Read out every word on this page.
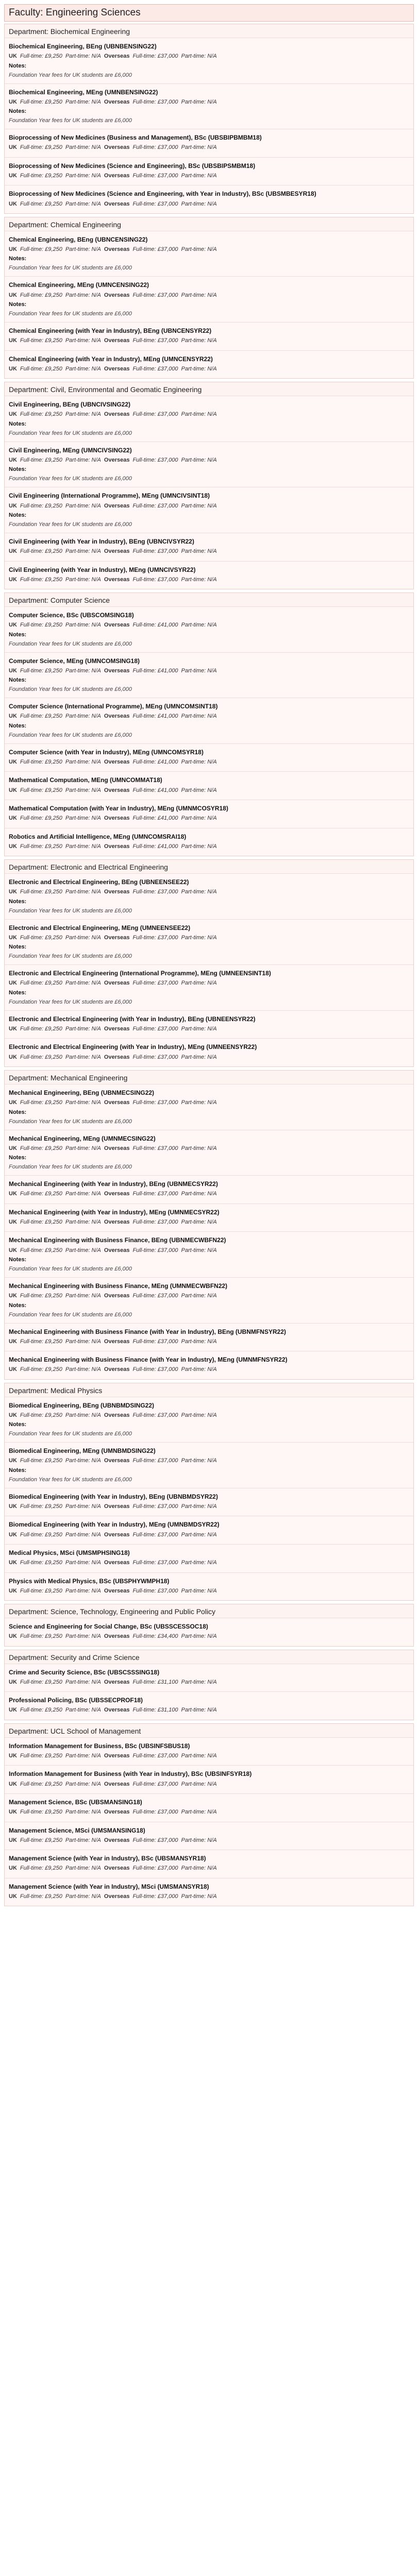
Faculty: Engineering Sciences
Department: Biochemical Engineering
Biochemical Engineering, BEng (UBNBENSING22)
UK Full-time: £9,250 Part-time: N/A Overseas Full-time: £37,000 Part-time: N/A
Notes:
Foundation Year fees for UK students are £6,000
Biochemical Engineering, MEng (UMNBENSING22)
UK Full-time: £9,250 Part-time: N/A Overseas Full-time: £37,000 Part-time: N/A
Notes:
Foundation Year fees for UK students are £6,000
Bioprocessing of New Medicines (Business and Management), BSc (UBSBIPBMBM18)
UK Full-time: £9,250 Part-time: N/A Overseas Full-time: £37,000 Part-time: N/A
Bioprocessing of New Medicines (Science and Engineering), BSc (UBSBIPSMBM18)
UK Full-time: £9,250 Part-time: N/A Overseas Full-time: £37,000 Part-time: N/A
Bioprocessing of New Medicines (Science and Engineering, with Year in Industry), BSc (UBSMBESYR18)
UK Full-time: £9,250 Part-time: N/A Overseas Full-time: £37,000 Part-time: N/A
Department: Chemical Engineering
Chemical Engineering, BEng (UBNCENSING22)
UK Full-time: £9,250 Part-time: N/A Overseas Full-time: £37,000 Part-time: N/A
Notes:
Foundation Year fees for UK students are £6,000
Chemical Engineering, MEng (UMNCENSING22)
UK Full-time: £9,250 Part-time: N/A Overseas Full-time: £37,000 Part-time: N/A
Notes:
Foundation Year fees for UK students are £6,000
Chemical Engineering (with Year in Industry), BEng (UBNCENSYR22)
UK Full-time: £9,250 Part-time: N/A Overseas Full-time: £37,000 Part-time: N/A
Chemical Engineering (with Year in Industry), MEng (UMNCENSYR22)
UK Full-time: £9,250 Part-time: N/A Overseas Full-time: £37,000 Part-time: N/A
Department: Civil, Environmental and Geomatic Engineering
Civil Engineering, BEng (UBNCIVSING22)
UK Full-time: £9,250 Part-time: N/A Overseas Full-time: £37,000 Part-time: N/A
Notes:
Foundation Year fees for UK students are £6,000
Civil Engineering, MEng (UMNCIVSING22)
UK Full-time: £9,250 Part-time: N/A Overseas Full-time: £37,000 Part-time: N/A
Notes:
Foundation Year fees for UK students are £6,000
Civil Engineering (International Programme), MEng (UMNCIVSINT18)
UK Full-time: £9,250 Part-time: N/A Overseas Full-time: £37,000 Part-time: N/A
Notes:
Foundation Year fees for UK students are £6,000
Civil Engineering (with Year in Industry), BEng (UBNCIVSYR22)
UK Full-time: £9,250 Part-time: N/A Overseas Full-time: £37,000 Part-time: N/A
Civil Engineering (with Year in Industry), MEng (UMNCIVSYR22)
UK Full-time: £9,250 Part-time: N/A Overseas Full-time: £37,000 Part-time: N/A
Department: Computer Science
Computer Science, BSc (UBSCOMSING18)
UK Full-time: £9,250 Part-time: N/A Overseas Full-time: £41,000 Part-time: N/A
Notes:
Foundation Year fees for UK students are £6,000
Computer Science, MEng (UMNCOMSING18)
UK Full-time: £9,250 Part-time: N/A Overseas Full-time: £41,000 Part-time: N/A
Notes:
Foundation Year fees for UK students are £6,000
Computer Science (International Programme), MEng (UMNCOMSINT18)
UK Full-time: £9,250 Part-time: N/A Overseas Full-time: £41,000 Part-time: N/A
Notes:
Foundation Year fees for UK students are £6,000
Computer Science (with Year in Industry), MEng (UMNCOMSYR18)
UK Full-time: £9,250 Part-time: N/A Overseas Full-time: £41,000 Part-time: N/A
Mathematical Computation, MEng (UMNCOMMAT18)
UK Full-time: £9,250 Part-time: N/A Overseas Full-time: £41,000 Part-time: N/A
Mathematical Computation (with Year in Industry), MEng (UMNMCOSYR18)
UK Full-time: £9,250 Part-time: N/A Overseas Full-time: £41,000 Part-time: N/A
Robotics and Artificial Intelligence, MEng (UMNCOMSRAI18)
UK Full-time: £9,250 Part-time: N/A Overseas Full-time: £41,000 Part-time: N/A
Department: Electronic and Electrical Engineering
Electronic and Electrical Engineering, BEng (UBNEENSEE22)
UK Full-time: £9,250 Part-time: N/A Overseas Full-time: £37,000 Part-time: N/A
Notes:
Foundation Year fees for UK students are £6,000
Electronic and Electrical Engineering, MEng (UMNEENSEE22)
UK Full-time: £9,250 Part-time: N/A Overseas Full-time: £37,000 Part-time: N/A
Notes:
Foundation Year fees for UK students are £6,000
Electronic and Electrical Engineering (International Programme), MEng (UMNEENSINT18)
UK Full-time: £9,250 Part-time: N/A Overseas Full-time: £37,000 Part-time: N/A
Notes:
Foundation Year fees for UK students are £6,000
Electronic and Electrical Engineering (with Year in Industry), BEng (UBNEENSYR22)
UK Full-time: £9,250 Part-time: N/A Overseas Full-time: £37,000 Part-time: N/A
Electronic and Electrical Engineering (with Year in Industry), MEng (UMNEENSYR22)
UK Full-time: £9,250 Part-time: N/A Overseas Full-time: £37,000 Part-time: N/A
Department: Mechanical Engineering
Mechanical Engineering, BEng (UBNMECSING22)
UK Full-time: £9,250 Part-time: N/A Overseas Full-time: £37,000 Part-time: N/A
Notes:
Foundation Year fees for UK students are £6,000
Mechanical Engineering, MEng (UMNMECSING22)
UK Full-time: £9,250 Part-time: N/A Overseas Full-time: £37,000 Part-time: N/A
Notes:
Foundation Year fees for UK students are £6,000
Mechanical Engineering (with Year in Industry), BEng (UBNMECSYR22)
UK Full-time: £9,250 Part-time: N/A Overseas Full-time: £37,000 Part-time: N/A
Mechanical Engineering (with Year in Industry), MEng (UMNMECSYR22)
UK Full-time: £9,250 Part-time: N/A Overseas Full-time: £37,000 Part-time: N/A
Mechanical Engineering with Business Finance, BEng (UBNMECWBFN22)
UK Full-time: £9,250 Part-time: N/A Overseas Full-time: £37,000 Part-time: N/A
Notes:
Foundation Year fees for UK students are £6,000
Mechanical Engineering with Business Finance, MEng (UMNMECWBFN22)
UK Full-time: £9,250 Part-time: N/A Overseas Full-time: £37,000 Part-time: N/A
Notes:
Foundation Year fees for UK students are £6,000
Mechanical Engineering with Business Finance (with Year in Industry), BEng (UBNMFNSYR22)
UK Full-time: £9,250 Part-time: N/A Overseas Full-time: £37,000 Part-time: N/A
Mechanical Engineering with Business Finance (with Year in Industry), MEng (UMNMFNSYR22)
UK Full-time: £9,250 Part-time: N/A Overseas Full-time: £37,000 Part-time: N/A
Department: Medical Physics
Biomedical Engineering, BEng (UBNBMDSING22)
UK Full-time: £9,250 Part-time: N/A Overseas Full-time: £37,000 Part-time: N/A
Notes:
Foundation Year fees for UK students are £6,000
Biomedical Engineering, MEng (UMNBMDSING22)
UK Full-time: £9,250 Part-time: N/A Overseas Full-time: £37,000 Part-time: N/A
Notes:
Foundation Year fees for UK students are £6,000
Biomedical Engineering (with Year in Industry), BEng (UBNBMDSYR22)
UK Full-time: £9,250 Part-time: N/A Overseas Full-time: £37,000 Part-time: N/A
Biomedical Engineering (with Year in Industry), MEng (UMNBMDSYR22)
UK Full-time: £9,250 Part-time: N/A Overseas Full-time: £37,000 Part-time: N/A
Medical Physics, MSci (UMSMPHSING18)
UK Full-time: £9,250 Part-time: N/A Overseas Full-time: £37,000 Part-time: N/A
Physics with Medical Physics, BSc (UBSPHYWMPH18)
UK Full-time: £9,250 Part-time: N/A Overseas Full-time: £37,000 Part-time: N/A
Department: Science, Technology, Engineering and Public Policy
Science and Engineering for Social Change, BSc (UBSSCESSOC18)
UK Full-time: £9,250 Part-time: N/A Overseas Full-time: £34,400 Part-time: N/A
Department: Security and Crime Science
Crime and Security Science, BSc (UBSCSSSING18)
UK Full-time: £9,250 Part-time: N/A Overseas Full-time: £31,100 Part-time: N/A
Professional Policing, BSc (UBSSECPROF18)
UK Full-time: £9,250 Part-time: N/A Overseas Full-time: £31,100 Part-time: N/A
Department: UCL School of Management
Information Management for Business, BSc (UBSINFSBUS18)
UK Full-time: £9,250 Part-time: N/A Overseas Full-time: £37,000 Part-time: N/A
Information Management for Business (with Year in Industry), BSc (UBSINFSYR18)
UK Full-time: £9,250 Part-time: N/A Overseas Full-time: £37,000 Part-time: N/A
Management Science, BSc (UBSMANSING18)
UK Full-time: £9,250 Part-time: N/A Overseas Full-time: £37,000 Part-time: N/A
Management Science, MSci (UMSMANSING18)
UK Full-time: £9,250 Part-time: N/A Overseas Full-time: £37,000 Part-time: N/A
Management Science (with Year in Industry), BSc (UBSMANSYR18)
UK Full-time: £9,250 Part-time: N/A Overseas Full-time: £37,000 Part-time: N/A
Management Science (with Year in Industry), MSci (UMSMANSYR18)
UK Full-time: £9,250 Part-time: N/A Overseas Full-time: £37,000 Part-time: N/A
